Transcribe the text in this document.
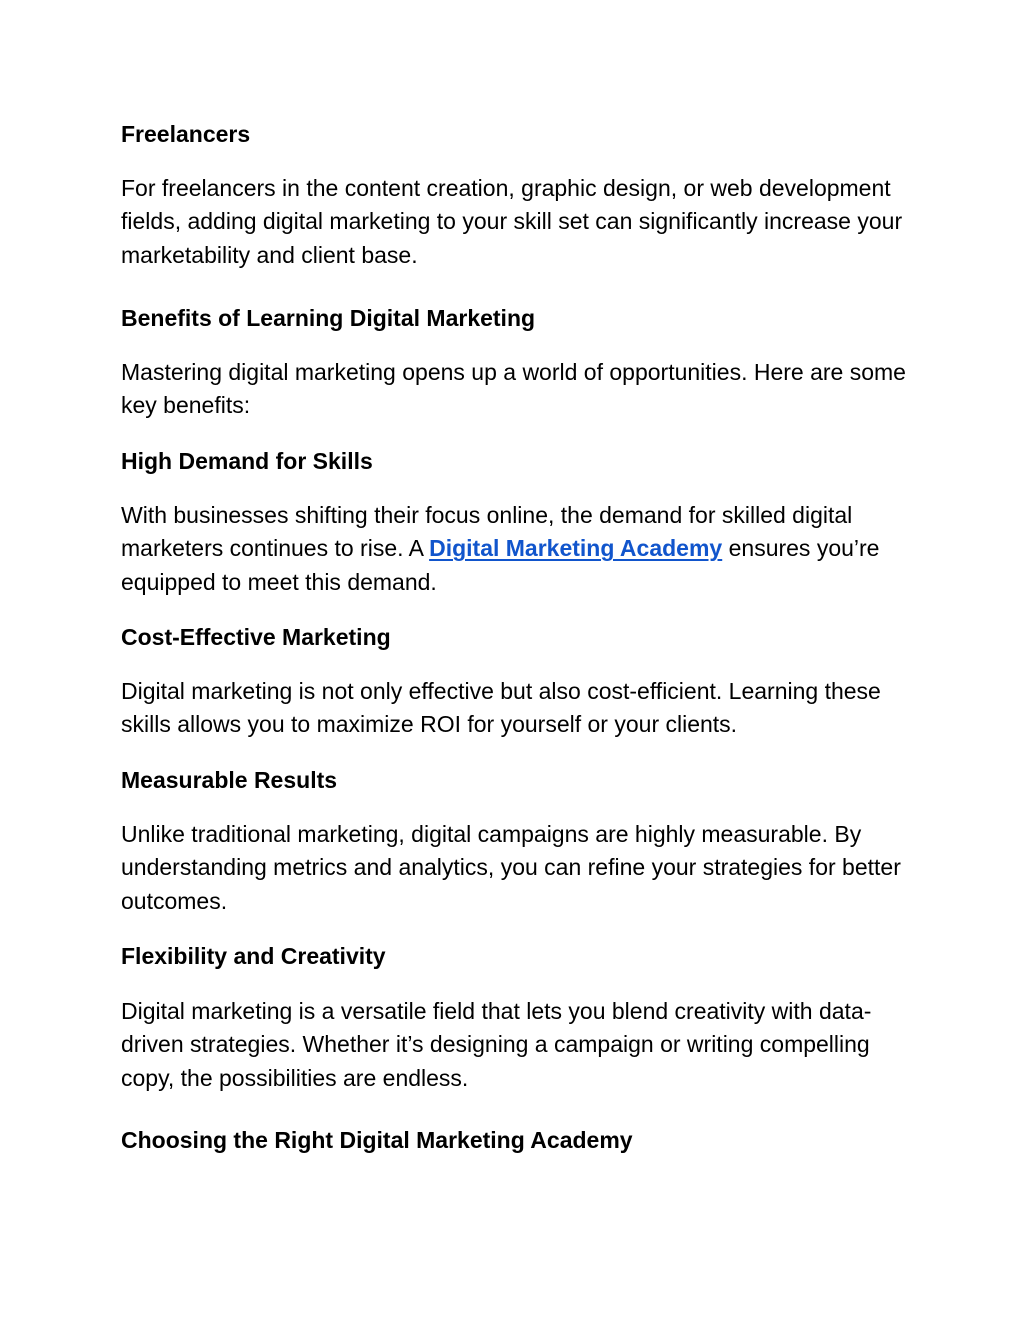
Freelancers

For freelancers in the content creation, graphic design, or web development fields, adding digital marketing to your skill set can significantly increase your marketability and client base.

Benefits of Learning Digital Marketing

Mastering digital marketing opens up a world of opportunities. Here are some key benefits:

High Demand for Skills

With businesses shifting their focus online, the demand for skilled digital marketers continues to rise. A Digital Marketing Academy ensures you’re equipped to meet this demand.

Cost-Effective Marketing

Digital marketing is not only effective but also cost-efficient. Learning these skills allows you to maximize ROI for yourself or your clients.

Measurable Results

Unlike traditional marketing, digital campaigns are highly measurable. By understanding metrics and analytics, you can refine your strategies for better outcomes.

Flexibility and Creativity

Digital marketing is a versatile field that lets you blend creativity with data-driven strategies. Whether it’s designing a campaign or writing compelling copy, the possibilities are endless.

Choosing the Right Digital Marketing Academy
